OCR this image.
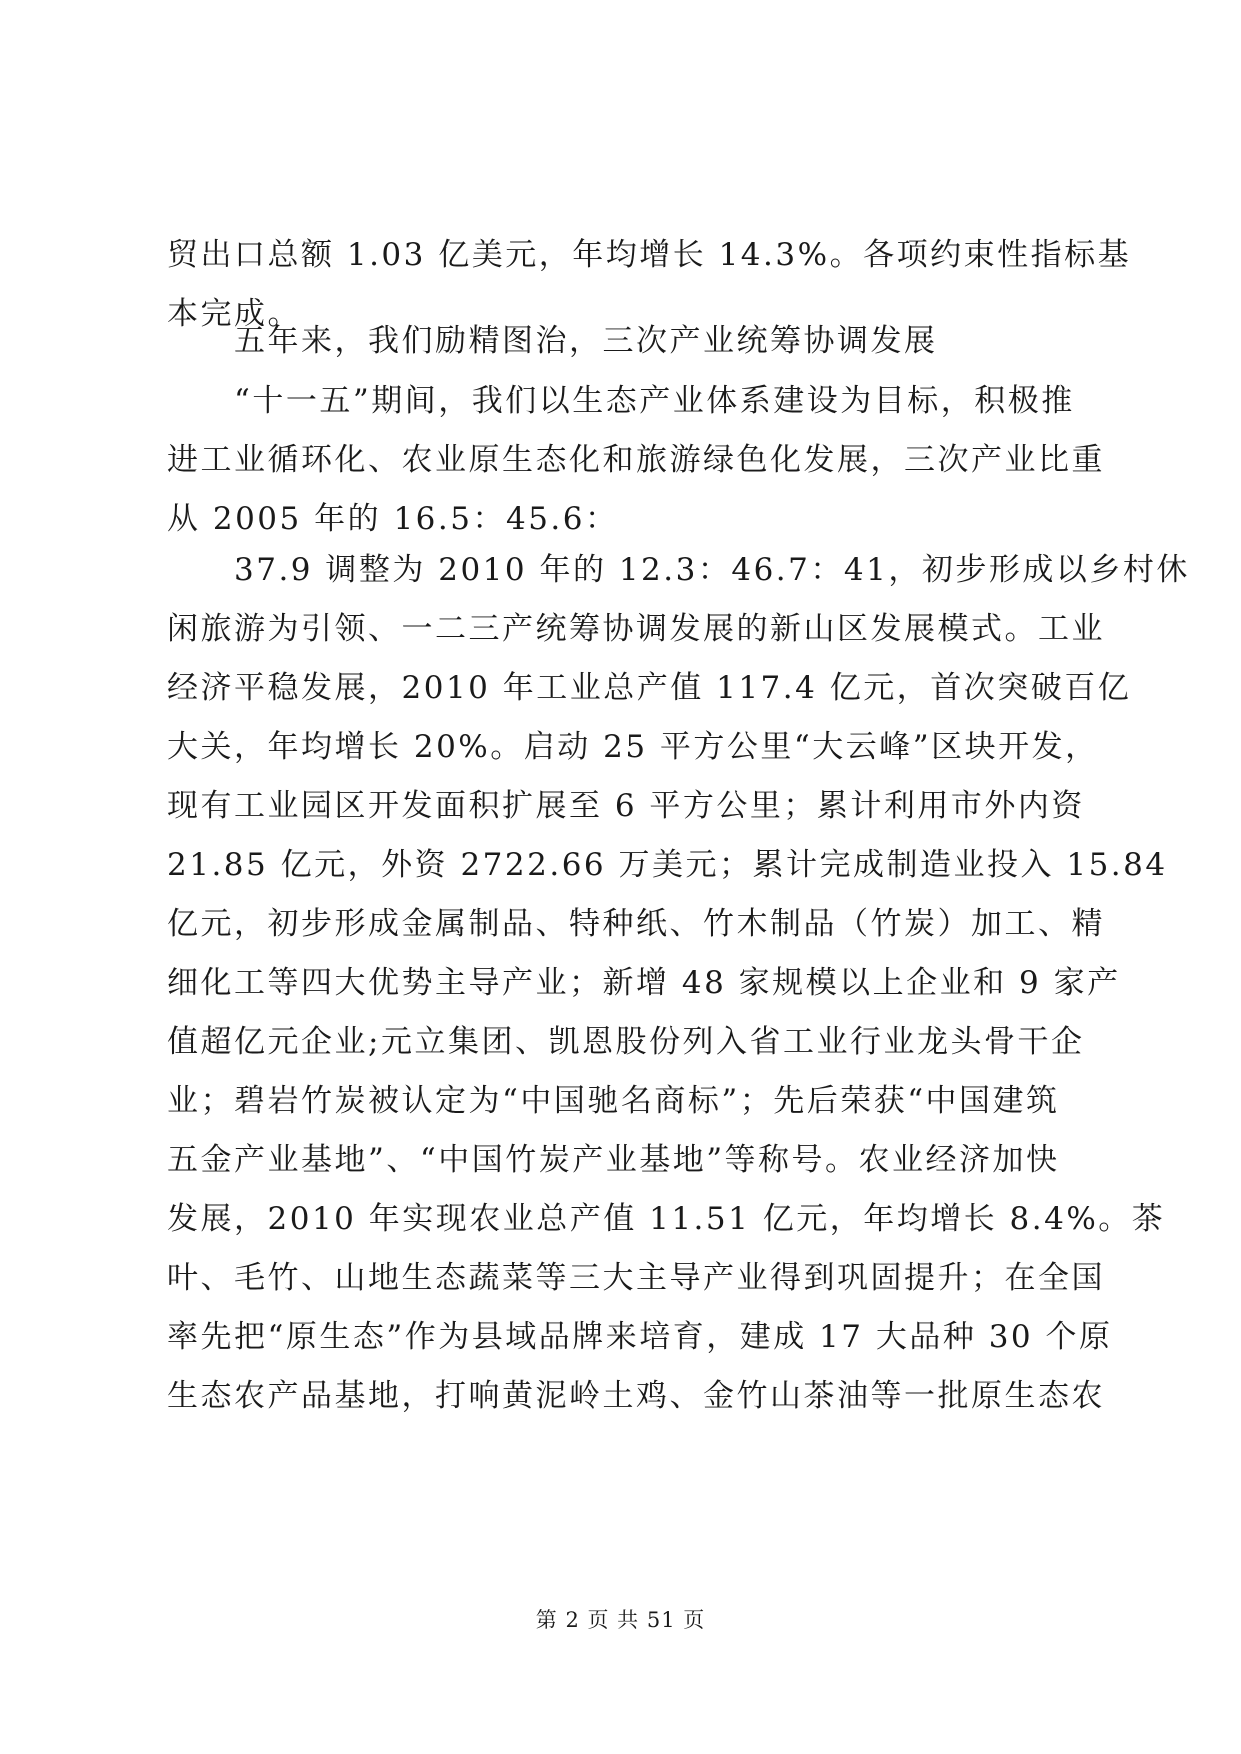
贸出口总额 1.03 亿美元，年均增长 14.3%。各项约束性指标基
本完成。
　　五年来，我们励精图治，三次产业统筹协调发展
　　“十一五”期间，我们以生态产业体系建设为目标，积极推
进工业循环化、农业原生态化和旅游绿色化发展，三次产业比重
从 2005 年的 16.5：45.6：
　　37.9 调整为 2010 年的 12.3：46.7：41，初步形成以乡村休
闲旅游为引领、一二三产统筹协调发展的新山区发展模式。工业
经济平稳发展，2010 年工业总产值 117.4 亿元，首次突破百亿
大关，年均增长 20%。启动 25 平方公里“大云峰”区块开发，
现有工业园区开发面积扩展至 6 平方公里；累计利用市外内资
21.85 亿元，外资 2722.66 万美元；累计完成制造业投入 15.84
亿元，初步形成金属制品、特种纸、竹木制品（竹炭）加工、精
细化工等四大优势主导产业；新增 48 家规模以上企业和 9 家产
值超亿元企业;元立集团、凯恩股份列入省工业行业龙头骨干企
业；碧岩竹炭被认定为“中国驰名商标”；先后荣获“中国建筑
五金产业基地”、“中国竹炭产业基地”等称号。农业经济加快
发展，2010 年实现农业总产值 11.51 亿元，年均增长 8.4%。茶
叶、毛竹、山地生态蔬菜等三大主导产业得到巩固提升；在全国
率先把“原生态”作为县域品牌来培育，建成 17 大品种 30 个原
生态农产品基地，打响黄泥岭土鸡、金竹山茶油等一批原生态农
第 2 页 共 51 页
